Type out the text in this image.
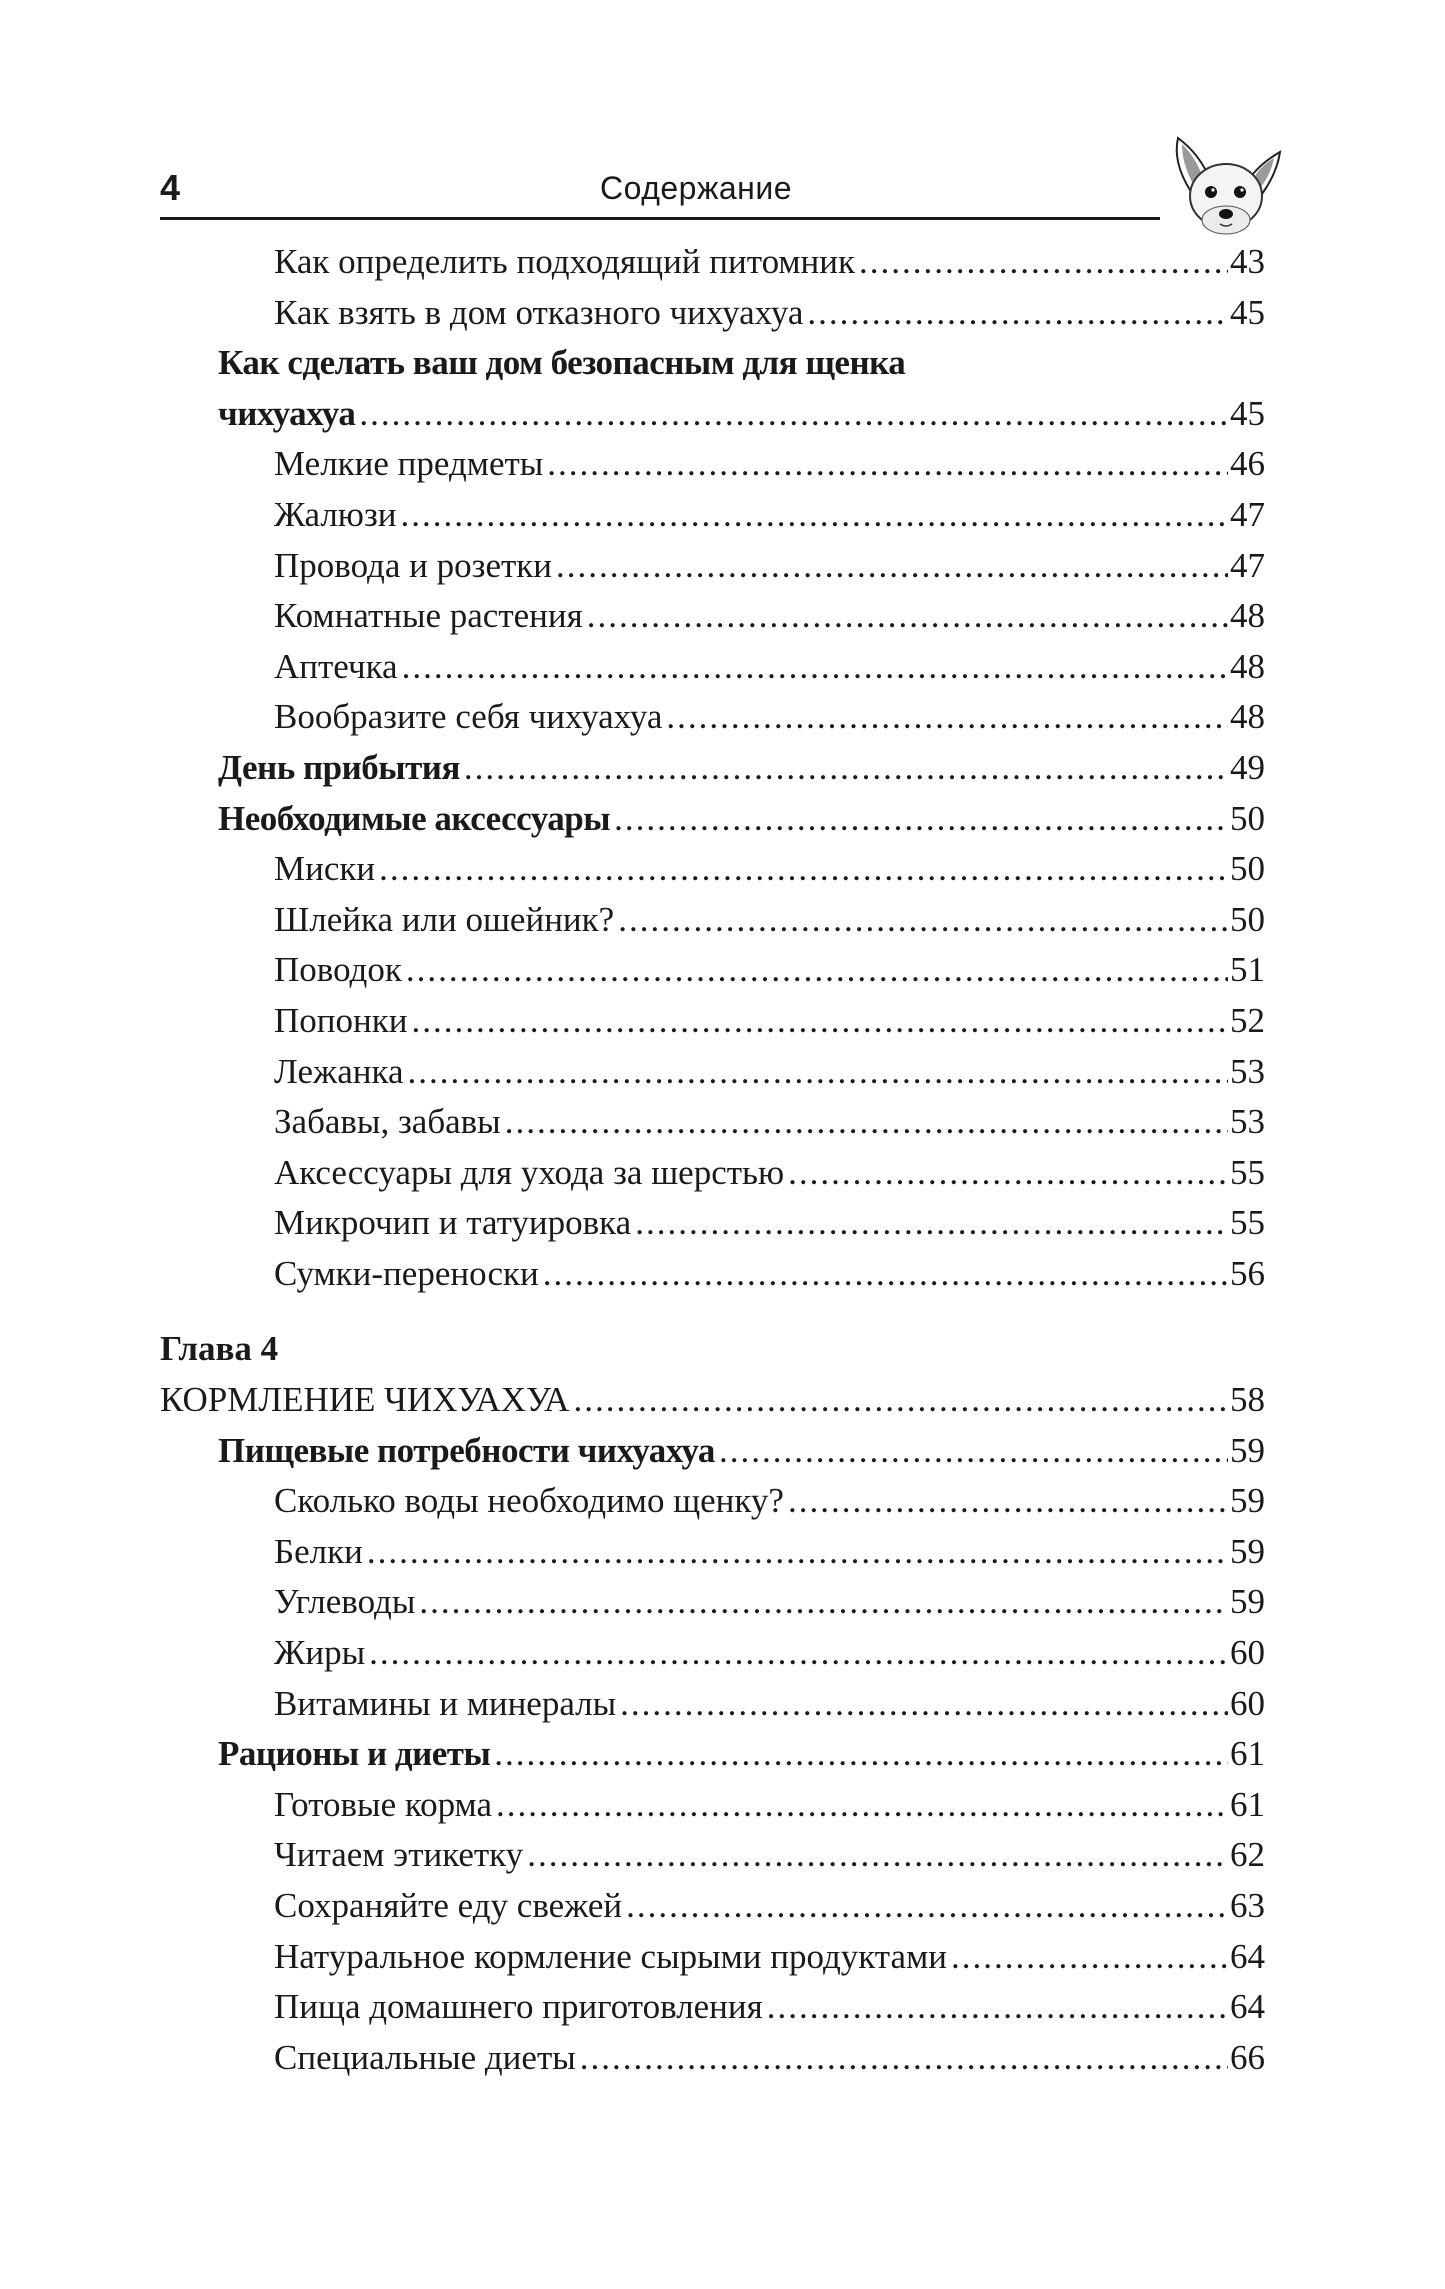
4	Содержание
Как определить подходящий питомник .....	43
Как взять в дом отказного чихуахуа .....	45
Как сделать ваш дом безопасным для щенка
чихуахуа .....	45
Мелкие предметы .....	46
Жалюзи .....	47
Провода и розетки .....	47
Комнатные растения .....	48
Аптечка .....	48
Вообразите себя чихуахуа .....	48
День прибытия .....	49
Необходимые аксессуары .....	50
Миски .....	50
Шлейка или ошейник? .....	50
Поводок .....	51
Попонки .....	52
Лежанка .....	53
Забавы, забавы .....	53
Аксессуары для ухода за шерстью .....	55
Микрочип и татуировка .....	55
Сумки-переноски .....	56
Глава 4
КОРМЛЕНИЕ ЧИХУАХУА .....	58
Пищевые потребности чихуахуа .....	59
Сколько воды необходимо щенку? .....	59
Белки .....	59
Углеводы .....	59
Жиры .....	60
Витамины и минералы .....	60
Рационы и диеты .....	61
Готовые корма .....	61
Читаем этикетку .....	62
Сохраняйте еду свежей .....	63
Натуральное кормление сырыми продуктами .....	64
Пища домашнего приготовления .....	64
Специальные диеты .....	66
